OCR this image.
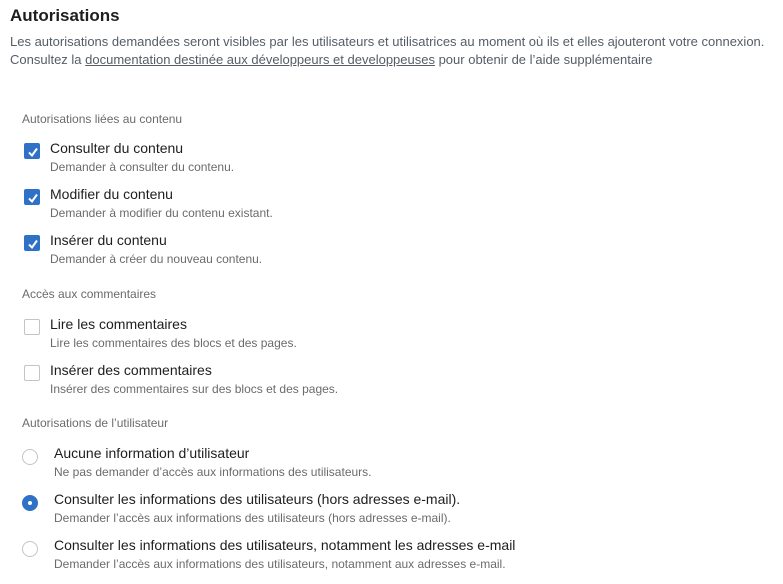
Autorisations
Les autorisations demandées seront visibles par les utilisateurs et utilisatrices au moment où ils et elles ajouteront votre connexion.
Consultez la documentation destinée aux développeurs et developpeuses pour obtenir de l’aide supplémentaire
Autorisations liées au contenu
Consulter du contenu
Demander à consulter du contenu.
Modifier du contenu
Demander à modifier du contenu existant.
Insérer du contenu
Demander à créer du nouveau contenu.
Accès aux commentaires
Lire les commentaires
Lire les commentaires des blocs et des pages.
Insérer des commentaires
Insérer des commentaires sur des blocs et des pages.
Autorisations de l’utilisateur
Aucune information d’utilisateur
Ne pas demander d’accès aux informations des utilisateurs.
Consulter les informations des utilisateurs (hors adresses e-mail).
Demander l’accès aux informations des utilisateurs (hors adresses e-mail).
Consulter les informations des utilisateurs, notamment les adresses e-mail
Demander l’accès aux informations des utilisateurs, notamment aux adresses e-mail.
